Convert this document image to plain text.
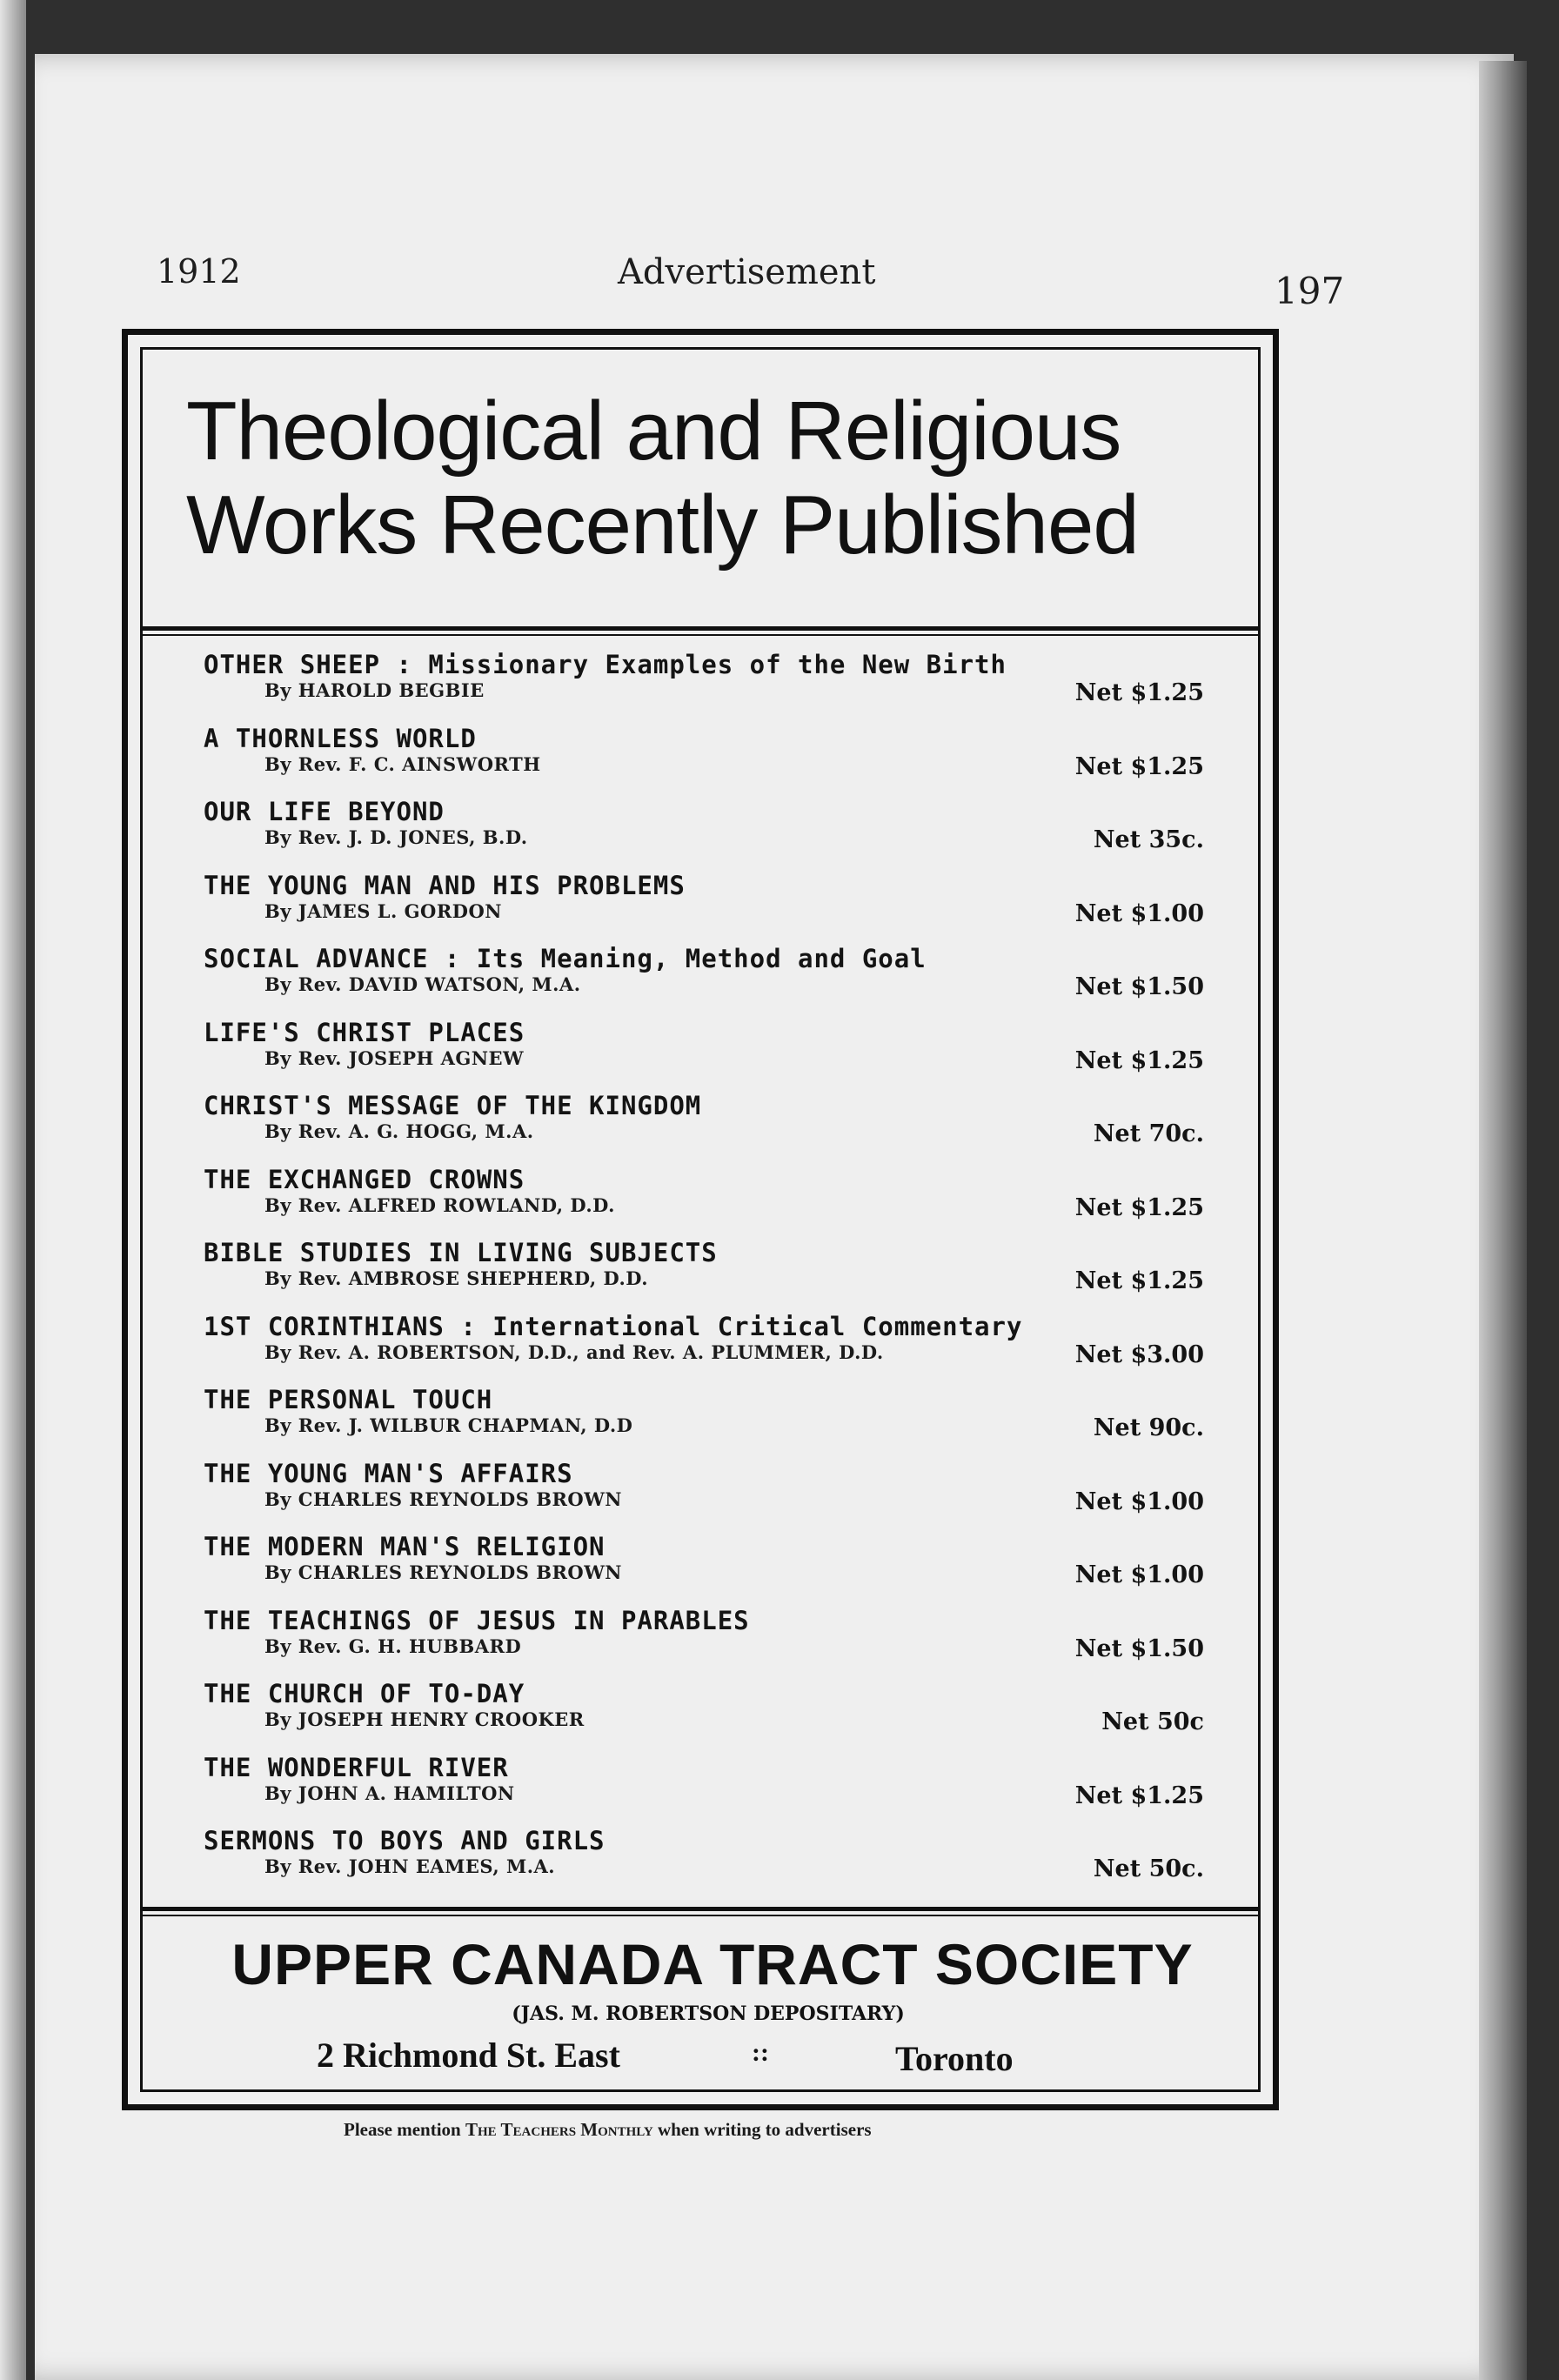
1912	Advertisement	197
Theological and Religious
Works Recently Published
OTHER SHEEP : Missionary Examples of the New Birth
By HAROLD BEGBIE	Net $1.25
A THORNLESS WORLD
By Rev. F. C. AINSWORTH	Net $1.25
OUR LIFE BEYOND
By Rev. J. D. JONES, B.D.	Net 35c.
THE YOUNG MAN AND HIS PROBLEMS
By JAMES L. GORDON	Net $1.00
SOCIAL ADVANCE : Its Meaning, Method and Goal
By Rev. DAVID WATSON, M.A.	Net $1.50
LIFE'S CHRIST PLACES
By Rev. JOSEPH AGNEW	Net $1.25
CHRIST'S MESSAGE OF THE KINGDOM
By Rev. A. G. HOGG, M.A.	Net 70c.
THE EXCHANGED CROWNS
By Rev. ALFRED ROWLAND, D.D.	Net $1.25
BIBLE STUDIES IN LIVING SUBJECTS
By Rev. AMBROSE SHEPHERD, D.D.	Net $1.25
1ST CORINTHIANS : International Critical Commentary
By Rev. A. ROBERTSON, D.D., and Rev. A. PLUMMER, D.D.	Net $3.00
THE PERSONAL TOUCH
By Rev. J. WILBUR CHAPMAN, D.D	Net 90c.
THE YOUNG MAN'S AFFAIRS
By CHARLES REYNOLDS BROWN	Net $1.00
THE MODERN MAN'S RELIGION
By CHARLES REYNOLDS BROWN	Net $1.00
THE TEACHINGS OF JESUS IN PARABLES
By Rev. G. H. HUBBARD	Net $1.50
THE CHURCH OF TO-DAY
By JOSEPH HENRY CROOKER	Net 50c
THE WONDERFUL RIVER
By JOHN A. HAMILTON	Net $1.25
SERMONS TO BOYS AND GIRLS
By Rev. JOHN EAMES, M.A.	Net 50c.
UPPER CANADA TRACT SOCIETY
(JAS. M. ROBERTSON DEPOSITARY)
2 Richmond St. East	::	Toronto
Please mention The Teachers Monthly when writing to advertisers
